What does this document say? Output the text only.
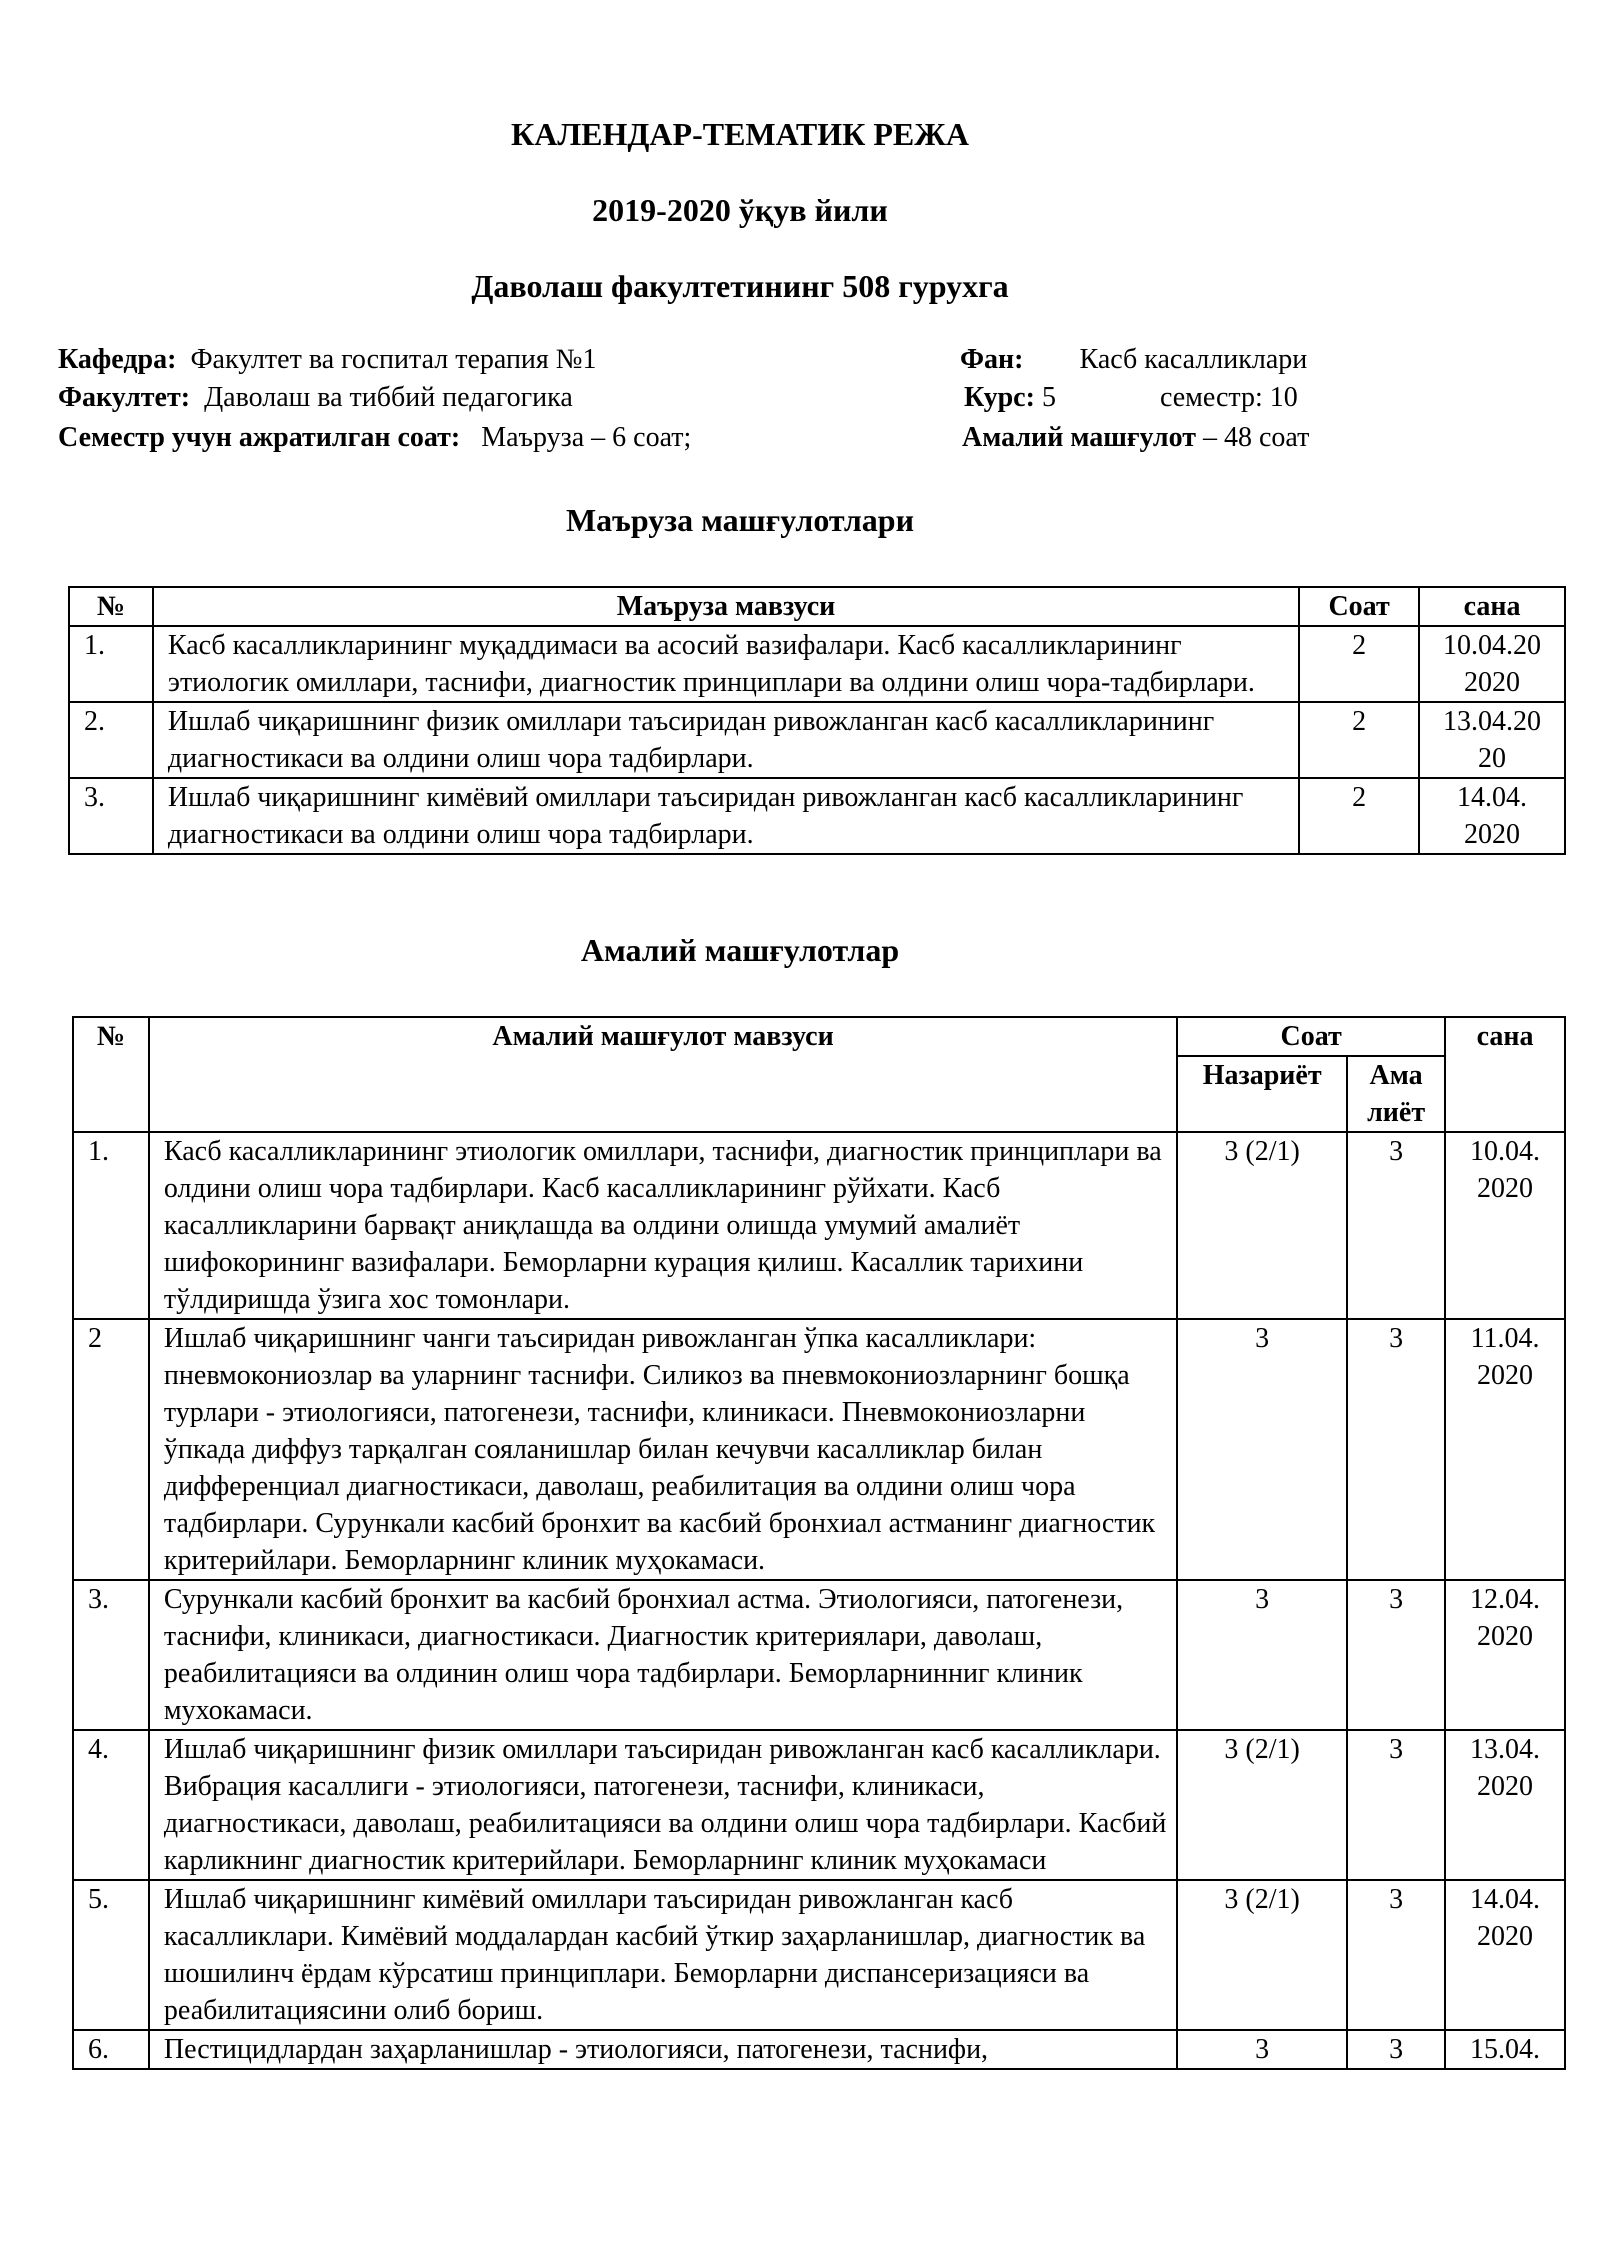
КАЛЕНДАР-ТЕМАТИК РЕЖА
2019-2020 ўқув йили
Даволаш факултетининг 508 гурухга
Кафедра: Факултет ва госпитал терапия №1
Факултет: Даволаш ва тиббий педагогика
Семестр учун ажратилган соат: Маъруза – 6 соат;
Фан: Касб касалликлари
Курс: 5	семестр: 10
Амалий машғулот – 48 соат
Маъруза машғулотлари
№	Маъруза мавзуси	Соат	сана
1.	Касб касалликларининг муқаддимаси ва асосий вазифалари. Касб касалликларининг этиологик омиллари, таснифи, диагностик принциплари ва олдини олиш чора-тадбирлари.	2	10.04.20 2020
2.	Ишлаб чиқаришнинг физик омиллари таъсиридан ривожланган касб касалликларининг диагностикаси ва олдини олиш чора тадбирлари.	2	13.04.20 20
3.	Ишлаб чиқаришнинг кимёвий омиллари таъсиридан ривожланган касб касалликларининг диагностикаси ва олдини олиш чора тадбирлари.	2	14.04. 2020
Амалий машғулотлар
№	Амалий машғулот мавзуси	Соат		сана
		Назариёт	Ама лиёт	
1.	Касб касалликларининг этиологик омиллари, таснифи, диагностик принциплари ва олдини олиш чора тадбирлари. Касб касалликларининг рўйхати. Касб касалликларини барвақт аниқлашда ва олдини олишда умумий амалиёт шифокорининг вазифалари. Беморларни курация қилиш. Касаллик тарихини тўлдиришда ўзига хос томонлари.	3 (2/1)	3	10.04. 2020
2	Ишлаб чиқаришнинг чанги таъсиридан ривожланган ўпка касалликлари: пневмокониозлар ва уларнинг таснифи. Силикоз ва пневмокониозларнинг бошқа турлари - этиологияси, патогенези, таснифи, клиникаси. Пневмокониозларни ўпкада диффуз тарқалган сояланишлар билан кечувчи касалликлар билан дифференциал диагностикаси, даволаш, реабилитация ва олдини олиш чора тадбирлари. Сурункали касбий бронхит ва касбий бронхиал астманинг диагностик критерийлари. Беморларнинг клиник муҳокамаси.	3	3	11.04. 2020
3.	Сурункали касбий бронхит ва касбий бронхиал астма. Этиологияси, патогенези, таснифи, клиникаси, диагностикаси. Диагностик критериялари, даволаш, реабилитацияси ва олдинин олиш чора тадбирлари. Беморларнинниг клиник мухокамаси.	3	3	12.04. 2020
4.	Ишлаб чиқаришнинг физик омиллари таъсиридан ривожланган касб касалликлари. Вибрация касаллиги - этиологияси, патогенези, таснифи, клиникаси, диагностикаси, даволаш, реабилитацияси ва олдини олиш чора тадбирлари. Касбий карликнинг диагностик критерийлари. Беморларнинг клиник муҳокамаси	3 (2/1)	3	13.04. 2020
5.	Ишлаб чиқаришнинг кимёвий омиллари таъсиридан ривожланган касб касалликлари. Кимёвий моддалардан касбий ўткир заҳарланишлар, диагностик ва шошилинч ёрдам кўрсатиш принциплари. Беморларни диспансеризацияси ва реабилитациясини олиб бориш.	3 (2/1)	3	14.04. 2020
6.	Пестицидлардан заҳарланишлар - этиологияси, патогенези, таснифи,	3	3	15.04.
